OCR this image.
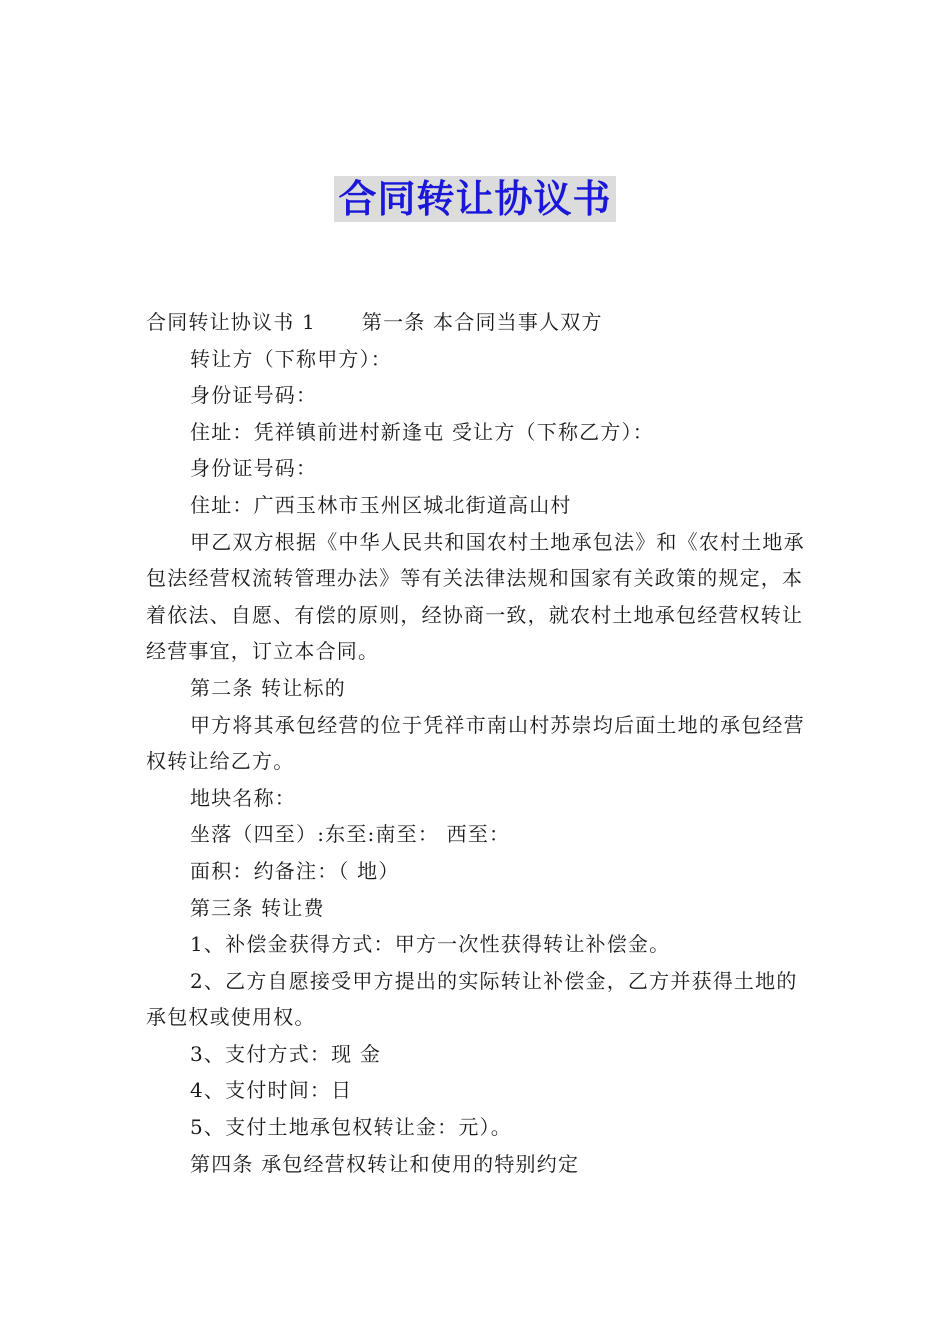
合同转让协议书

合同转让协议书 1 第一条 本合同当事人双方

转让方（下称甲方）：

身份证号码：

住址：凭祥镇前进村新逢屯 受让方（下称乙方）：

身份证号码：

住址：广西玉林市玉州区城北街道高山村

甲乙双方根据《中华人民共和国农村土地承包法》和《农村土地承包法经营权流转管理办法》等有关法律法规和国家有关政策的规定，本着依法、自愿、有偿的原则，经协商一致，就农村土地承包经营权转让经营事宜，订立本合同。

第二条 转让标的

甲方将其承包经营的位于凭祥市南山村苏崇均后面土地的承包经营权转让给乙方。

地块名称：

坐落（四至）:东至:南至： 西至：

面积：约备注：（ 地）

第三条 转让费

1、补偿金获得方式：甲方一次性获得转让补偿金。

2、乙方自愿接受甲方提出的实际转让补偿金，乙方并获得土地的承包权或使用权。

3、支付方式：现 金

4、支付时间：日

5、支付土地承包权转让金：元）。

第四条 承包经营权转让和使用的特别约定
